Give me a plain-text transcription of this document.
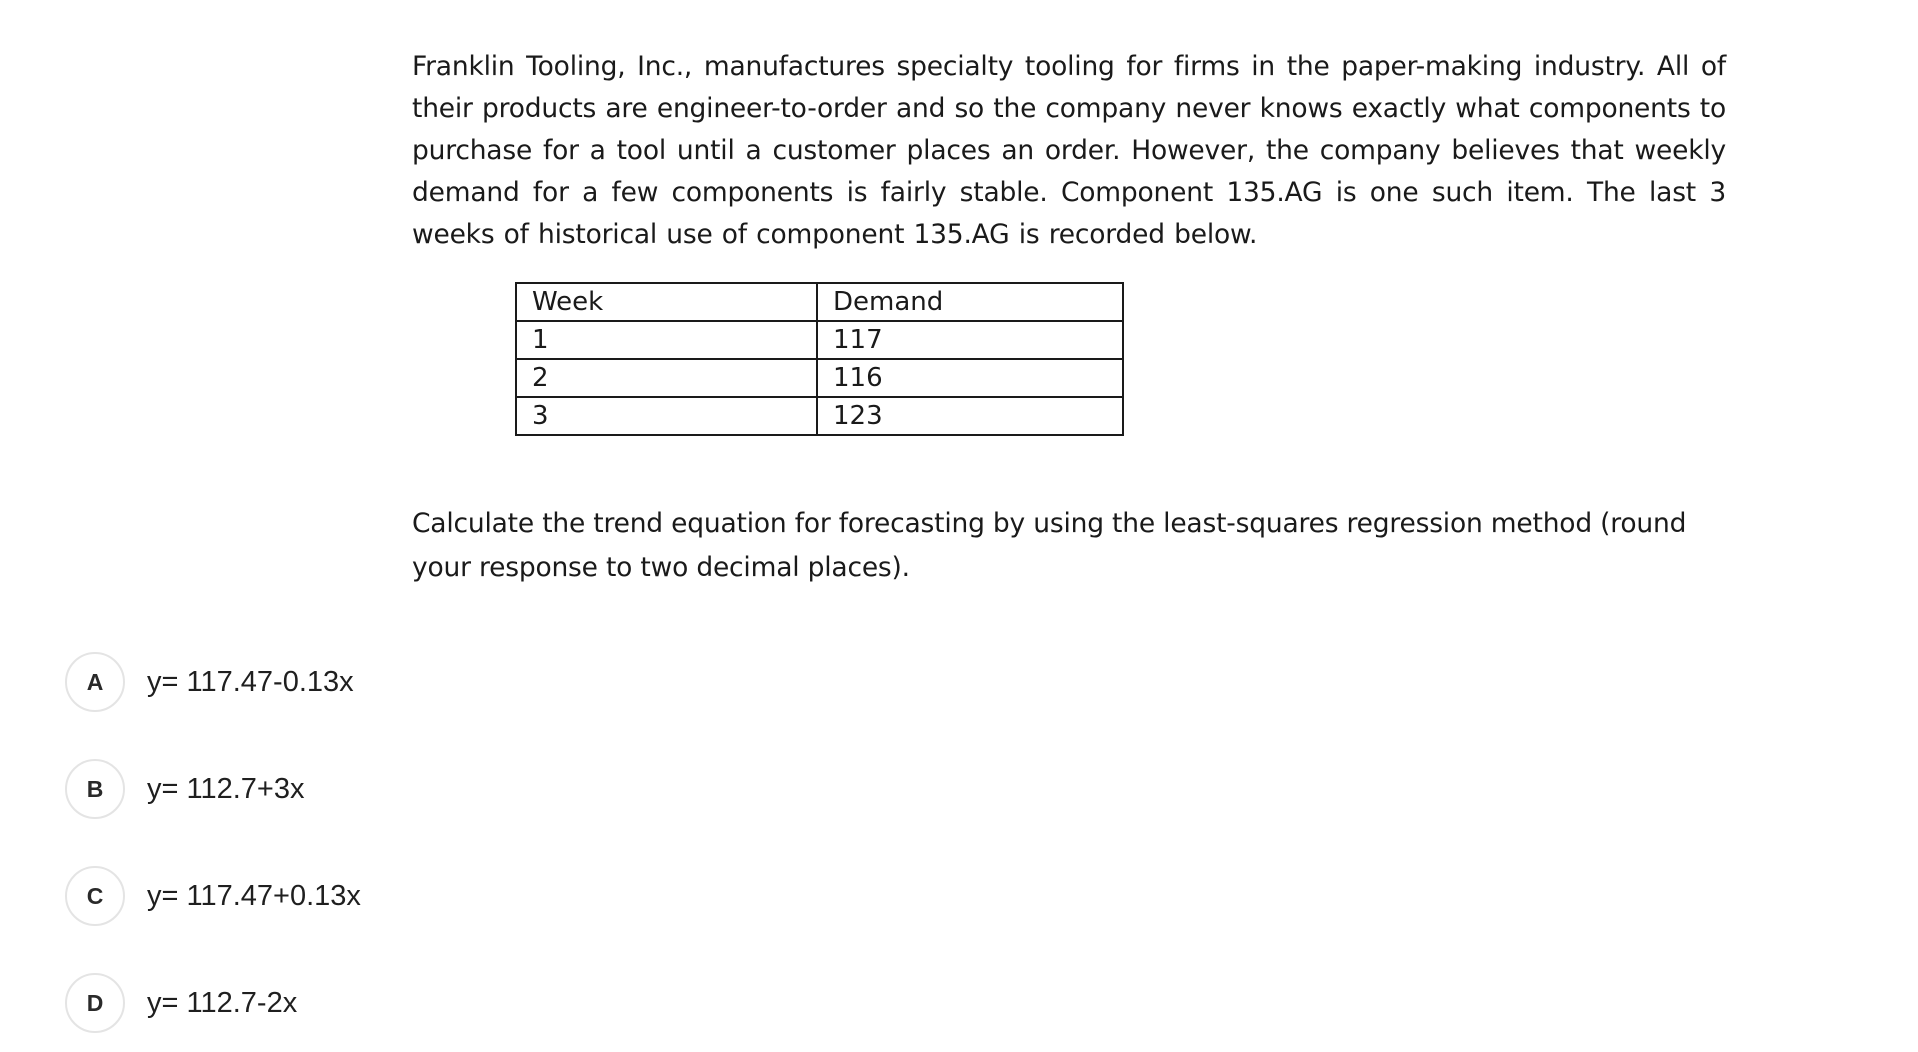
Franklin Tooling, Inc., manufactures specialty tooling for firms in the paper-making industry. All of their products are engineer-to-order and so the company never knows exactly what components to purchase for a tool until a customer places an order. However, the company believes that weekly demand for a few components is fairly stable. Component 135.AG is one such item. The last 3 weeks of historical use of component 135.AG is recorded below.

Week	Demand
1	117
2	116
3	123

Calculate the trend equation for forecasting by using the least-squares regression method (round your response to two decimal places).

A	y= 117.47-0.13x
B	y= 112.7+3x
C	y= 117.47+0.13x
D	y= 112.7-2x
